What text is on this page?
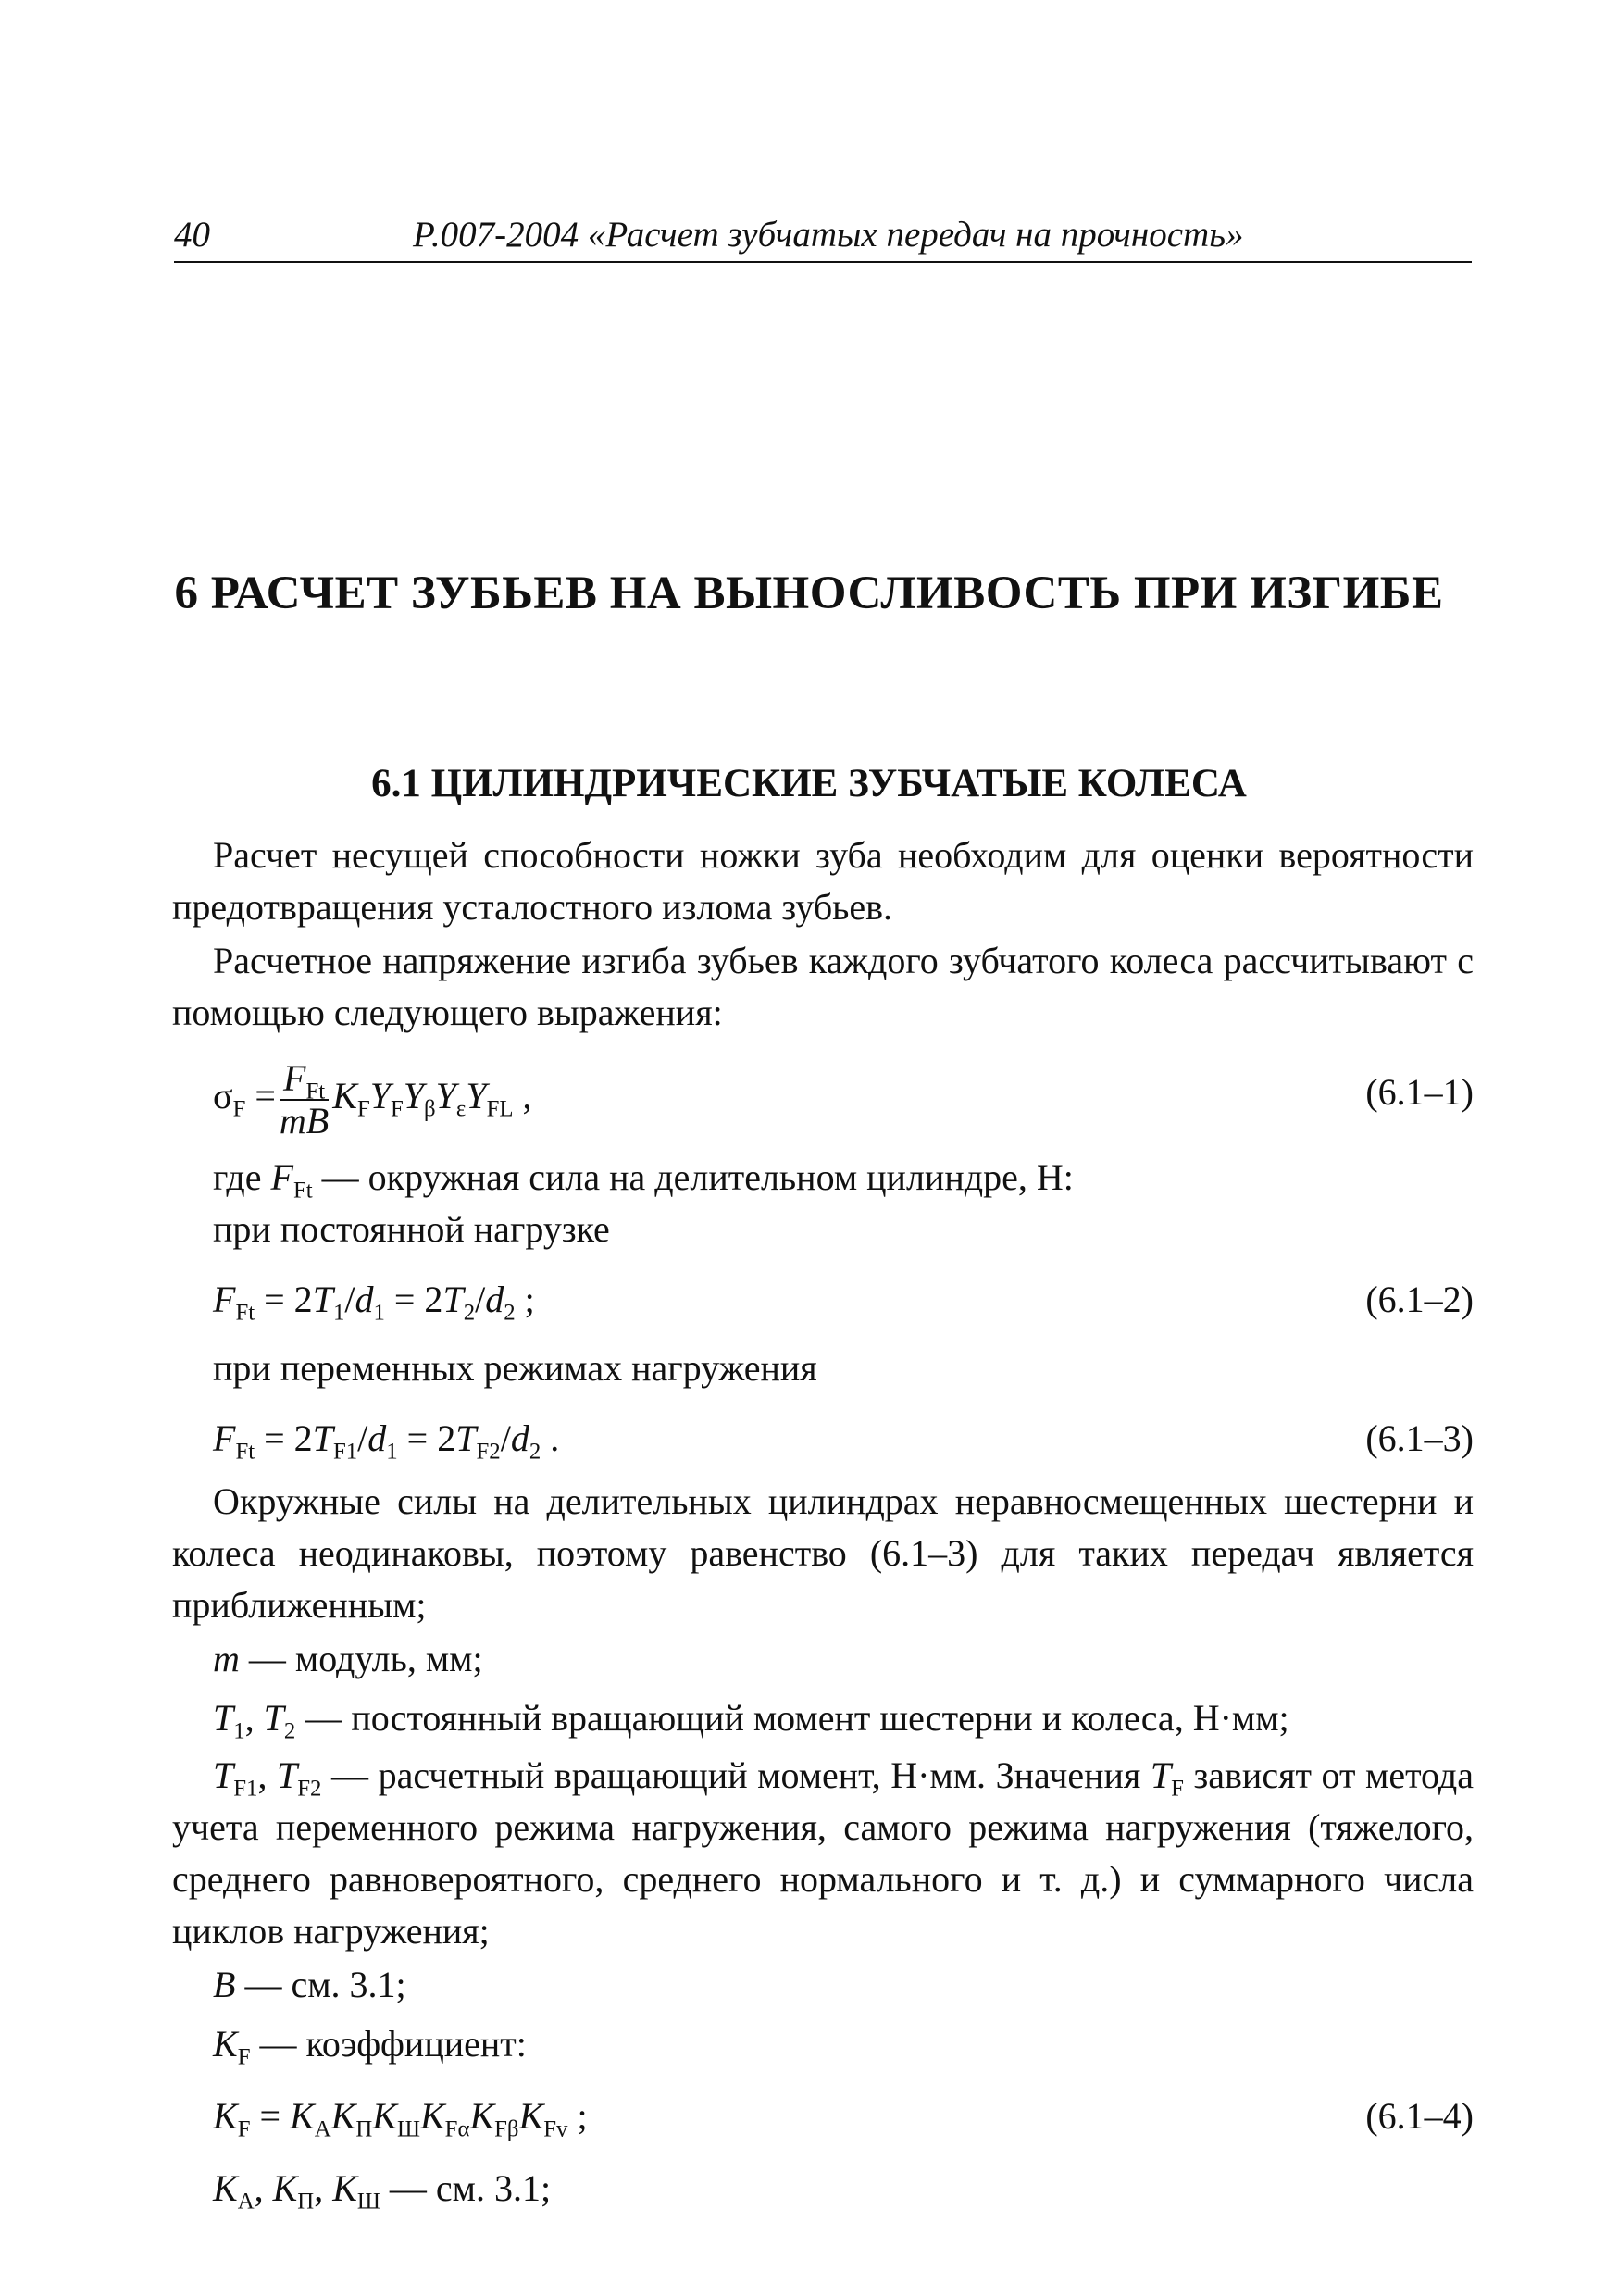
40	Р.007-2004 «Расчет зубчатых передач на прочность»
6 РАСЧЕТ ЗУБЬЕВ НА ВЫНОСЛИВОСТЬ ПРИ ИЗГИБЕ
6.1 ЦИЛИНДРИЧЕСКИЕ ЗУБЧАТЫЕ КОЛЕСА

Расчет несущей способности ножки зуба необходим для оценки вероятности предотвращения усталостного излома зубьев.

Расчетное напряжение изгиба зубьев каждого зубчатого колеса рассчитывают с помощью следующего выражения:

$\sigma_F = \frac{F_{Ft}}{mB} K_FY_FY_\beta Y_\varepsilon Y_{FL}$ ,	(6.1–1)
где $F_{Ft}$ — окружная сила на делительном цилиндре, Н:
при постоянной нагрузке
$F_{Ft} = 2T_1/d_1 = 2T_2/d_2$ ;	(6.1–2)
при переменных режимах нагружения
$F_{Ft} = 2T_{F1}/d_1 = 2T_{F2}/d_2$ .	(6.1–3)

Окружные силы на делительных цилиндрах неравносмещенных шестерни и колеса неодинаковы, поэтому равенство (6.1–3) для таких передач является приближенным;

m — модуль, мм;
$T_1$, $T_2$ — постоянный вращающий момент шестерни и колеса, Н·мм;
$T_{F1}$, $T_{F2}$ — расчетный вращающий момент, Н·мм. Значения $T_F$ зависят от метода учета переменного режима нагружения, самого режима нагружения (тяжелого, среднего равновероятного, среднего нормального и т. д.) и суммарного числа циклов нагружения;
B — см. 3.1;
$K_F$ — коэффициент:
$K_F = K_AK_ПK_ШK_{F\alpha}K_{F\beta}K_{Fv}$ ;	(6.1–4)
$K_A$, $K_П$, $K_Ш$ — см. 3.1;
